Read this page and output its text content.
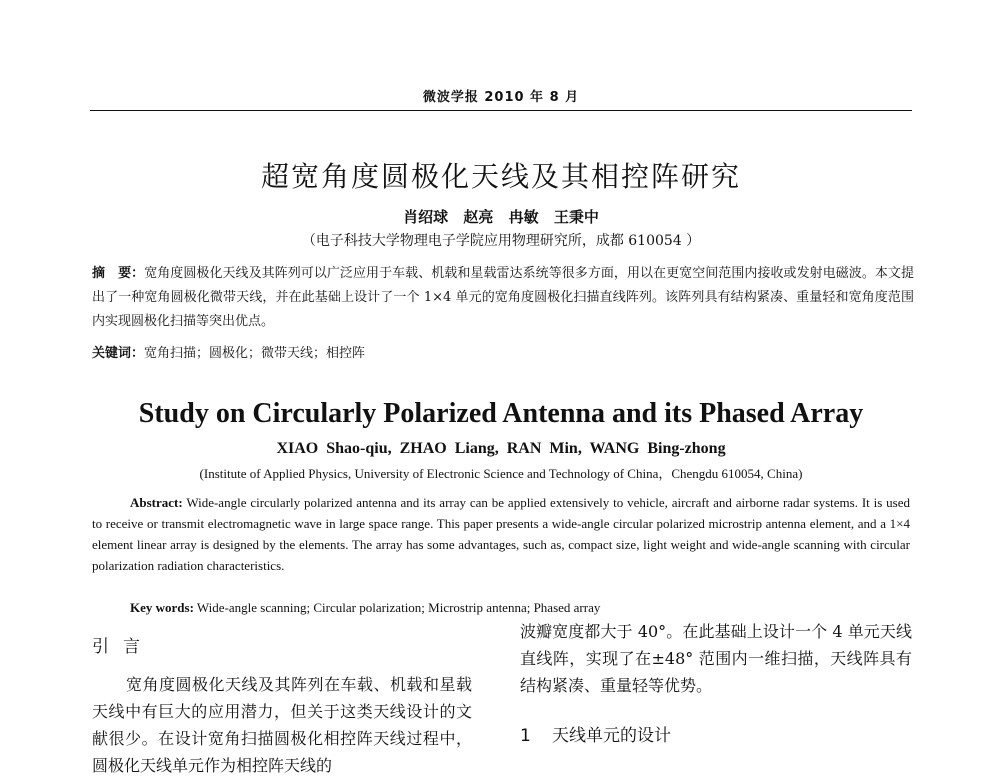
微波学报 2010 年 8 月
超宽角度圆极化天线及其相控阵研究
肖绍球 赵亮 冉敏 王秉中
（电子科技大学物理电子学院应用物理研究所，成都 610054 ）
摘　要：宽角度圆极化天线及其阵列可以广泛应用于车载、机载和星载雷达系统等很多方面，用以在更宽空间范围内接收或发射电磁波。本文提出了一种宽角圆极化微带天线，并在此基础上设计了一个 1×4 单元的宽角度圆极化扫描直线阵列。该阵列具有结构紧凑、重量轻和宽角度范围内实现圆极化扫描等突出优点。
关键词：宽角扫描；圆极化；微带天线；相控阵
Study on Circularly Polarized Antenna and its Phased Array
XIAO Shao-qiu, ZHAO Liang, RAN Min, WANG Bing-zhong
(Institute of Applied Physics, University of Electronic Science and Technology of China，Chengdu 610054, China)
Abstract: Wide-angle circularly polarized antenna and its array can be applied extensively to vehicle, aircraft and airborne radar systems. It is used to receive or transmit electromagnetic wave in large space range. This paper presents a wide-angle circular polarized microstrip antenna element, and a 1×4 element linear array is designed by the elements. The array has some advantages, such as, compact size, light weight and wide-angle scanning with circular polarization radiation characteristics.
Key words: Wide-angle scanning; Circular polarization; Microstrip antenna; Phased array
引言

宽角度圆极化天线及其阵列在车载、机载和星载天线中有巨大的应用潜力，但关于这类天线设计的文献很少。在设计宽角扫描圆极化相控阵天线过程中，圆极化天线单元作为相控阵天线的

波瓣宽度都大于 40°。在此基础上设计一个 4 单元天线直线阵，实现了在±48° 范围内一维扫描，天线阵具有结构紧凑、重量轻等优势。

1 天线单元的设计
